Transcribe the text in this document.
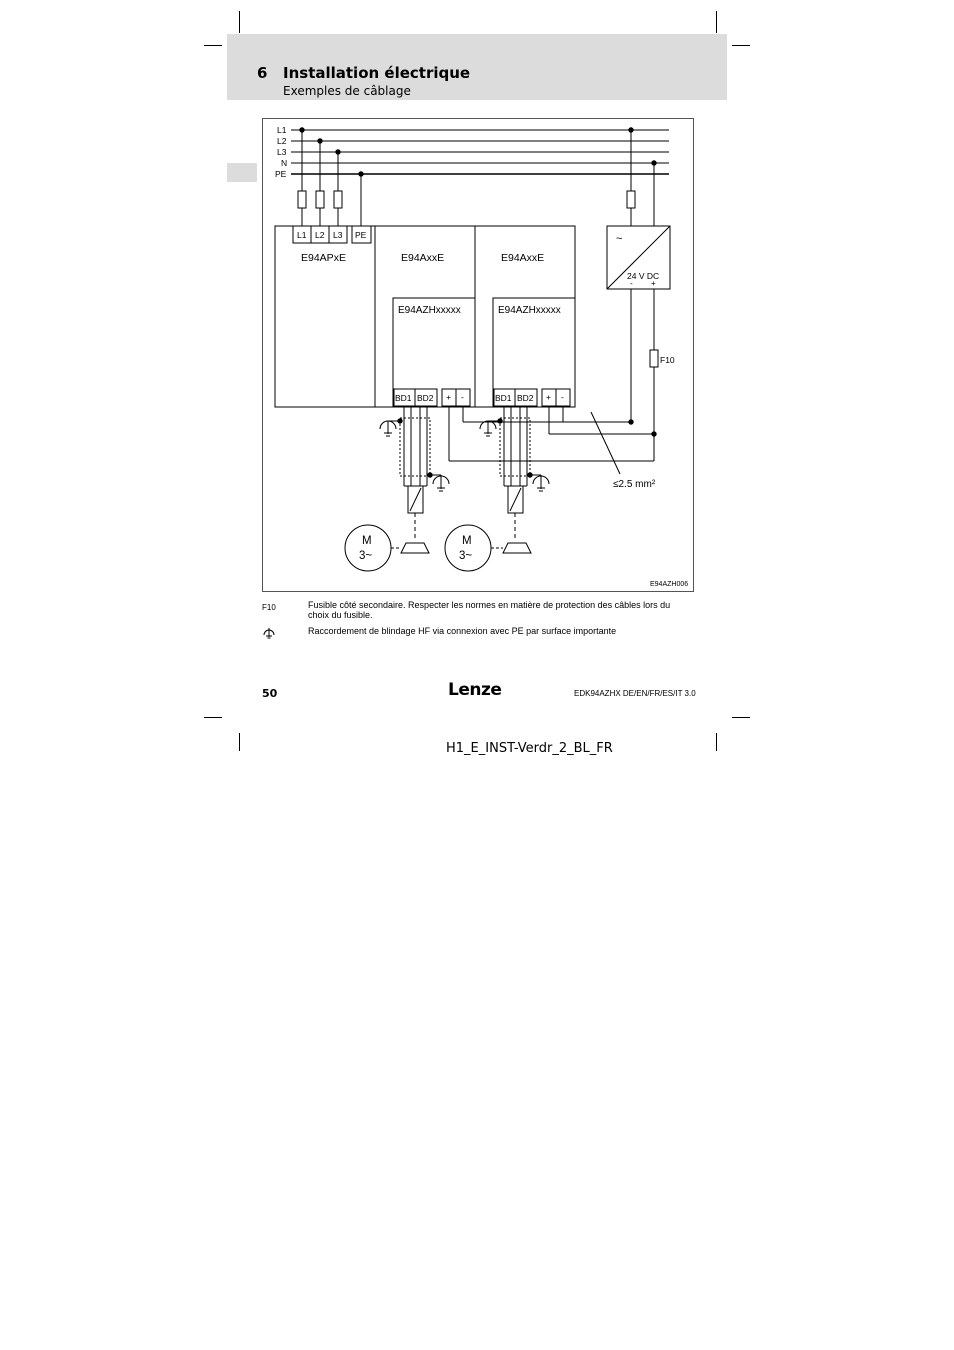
6 Installation électrique
Exemples de câblage
L1
L2
L3
N
PE
L1 L2 L3 PE
E94APxE	E94AxxE	E94AxxE
E94AZHxxxxx	E94AZHxxxxx
BD1 BD2 + -	BD1 BD2 + -
~
24 V DC
- +
F10
≤2.5 mm²
M
3~
M
3~
E94AZH006
F10	Fusible côté secondaire. Respecter les normes en matière de protection des câbles lors du choix du fusible.
Raccordement de blindage HF via connexion avec PE par surface importante
50	Lenze	EDK94AZHX DE/EN/FR/ES/IT 3.0
H1_E_INST-Verdr_2_BL_FR
